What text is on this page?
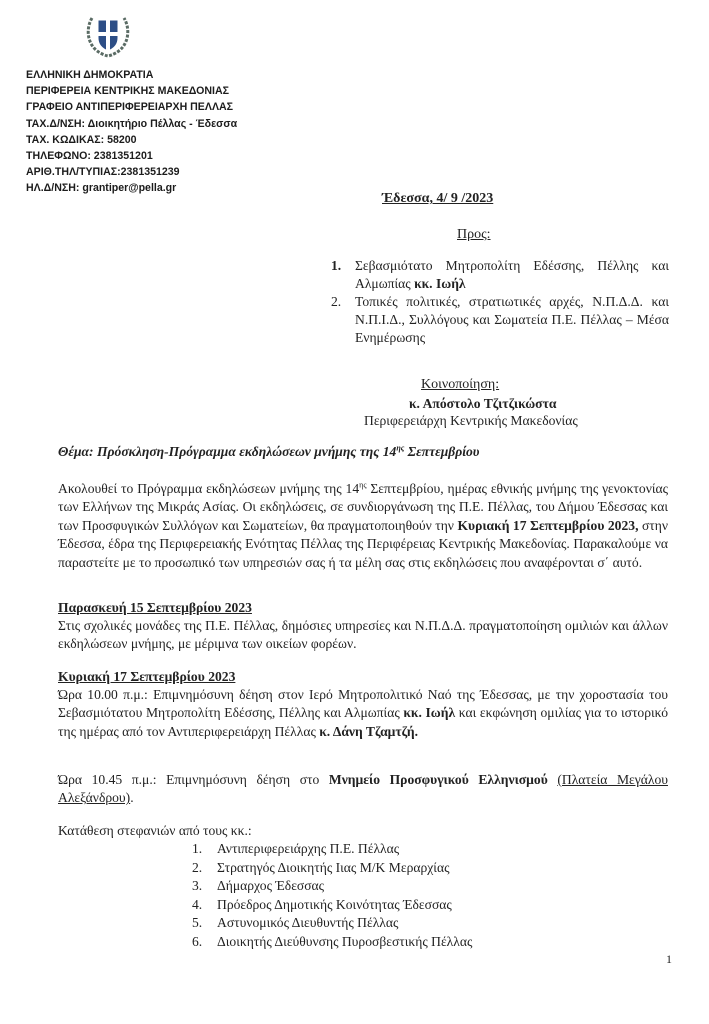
ΕΛΛΗΝΙΚΗ ΔΗΜΟΚΡΑΤΙΑ
ΠΕΡΙΦΕΡΕΙΑ ΚΕΝΤΡΙΚΗΣ ΜΑΚΕΔΟΝΙΑΣ
ΓΡΑΦΕΙΟ ΑΝΤΙΠΕΡΙΦΕΡΕΙΑΡΧΗ ΠΕΛΛΑΣ
ΤΑΧ.Δ/ΝΣΗ: Διοικητήριο Πέλλας - Έδεσσα
ΤΑΧ. ΚΩΔΙΚΑΣ: 58200
ΤΗΛΕΦΩΝΟ: 2381351201
ΑΡΙΘ.ΤΗΛ/ΤΥΠΙΑΣ:2381351239
ΗΛ.Δ/ΝΣΗ: grantiper@pella.gr
Έδεσσα, 4/ 9 /2023
Προς:
1. Σεβασμιότατο Μητροπολίτη Εδέσσης, Πέλλης και Αλμωπίας κκ. Ιωήλ
2. Τοπικές πολιτικές, στρατιωτικές αρχές, Ν.Π.Δ.Δ. και Ν.Π.Ι.Δ., Συλλόγους και Σωματεία Π.Ε. Πέλλας – Μέσα Ενημέρωσης
Κοινοποίηση:
κ. Απόστολο Τζιτζικώστα
Περιφερειάρχη Κεντρικής Μακεδονίας
Θέμα: Πρόσκληση-Πρόγραμμα εκδηλώσεων μνήμης της $14^{\eta\varsigma}$ Σεπτεμβρίου
Ακολουθεί το Πρόγραμμα εκδηλώσεων μνήμης της $14^{\eta\varsigma}$ Σεπτεμβρίου, ημέρας εθνικής μνήμης της γενοκτονίας των Ελλήνων της Μικράς Ασίας. Οι εκδηλώσεις, σε συνδιοργάνωση της Π.Ε. Πέλλας, του Δήμου Έδεσσας και των Προσφυγικών Συλλόγων και Σωματείων, θα πραγματοποιηθούν την Κυριακή 17 Σεπτεμβρίου 2023, στην Έδεσσα, έδρα της Περιφερειακής Ενότητας Πέλλας της Περιφέρειας Κεντρικής Μακεδονίας. Παρακαλούμε να παραστείτε με το προσωπικό των υπηρεσιών σας ή τα μέλη σας στις εκδηλώσεις που αναφέρονται σ΄ αυτό.
Παρασκευή 15 Σεπτεμβρίου 2023
Στις σχολικές μονάδες της Π.Ε. Πέλλας, δημόσιες υπηρεσίες και Ν.Π.Δ.Δ. πραγματοποίηση ομιλιών και άλλων εκδηλώσεων μνήμης, με μέριμνα των οικείων φορέων.
Κυριακή 17 Σεπτεμβρίου 2023
Ώρα 10.00 π.μ.: Επιμνημόσυνη δέηση στον Ιερό Μητροπολιτικό Ναό της Έδεσσας, με την χοροστασία του Σεβασμιότατου Μητροπολίτη Εδέσσης, Πέλλης και Αλμωπίας κκ. Ιωήλ και εκφώνηση ομιλίας για το ιστορικό της ημέρας από τον Αντιπεριφερειάρχη Πέλλας κ. Δάνη Τζαμτζή.
Ώρα 10.45 π.μ.: Επιμνημόσυνη δέηση στο Μνημείο Προσφυγικού Ελληνισμού (Πλατεία Μεγάλου Αλεξάνδρου).
Κατάθεση στεφανιών από τους κκ.:
1. Αντιπεριφερειάρχης Π.Ε. Πέλλας
2. Στρατηγός Διοικητής Ιιας Μ/Κ Μεραρχίας
3. Δήμαρχος Έδεσσας
4. Πρόεδρος Δημοτικής Κοινότητας Έδεσσας
5. Αστυνομικός Διευθυντής Πέλλας
6. Διοικητής Διεύθυνσης Πυροσβεστικής Πέλλας
1
